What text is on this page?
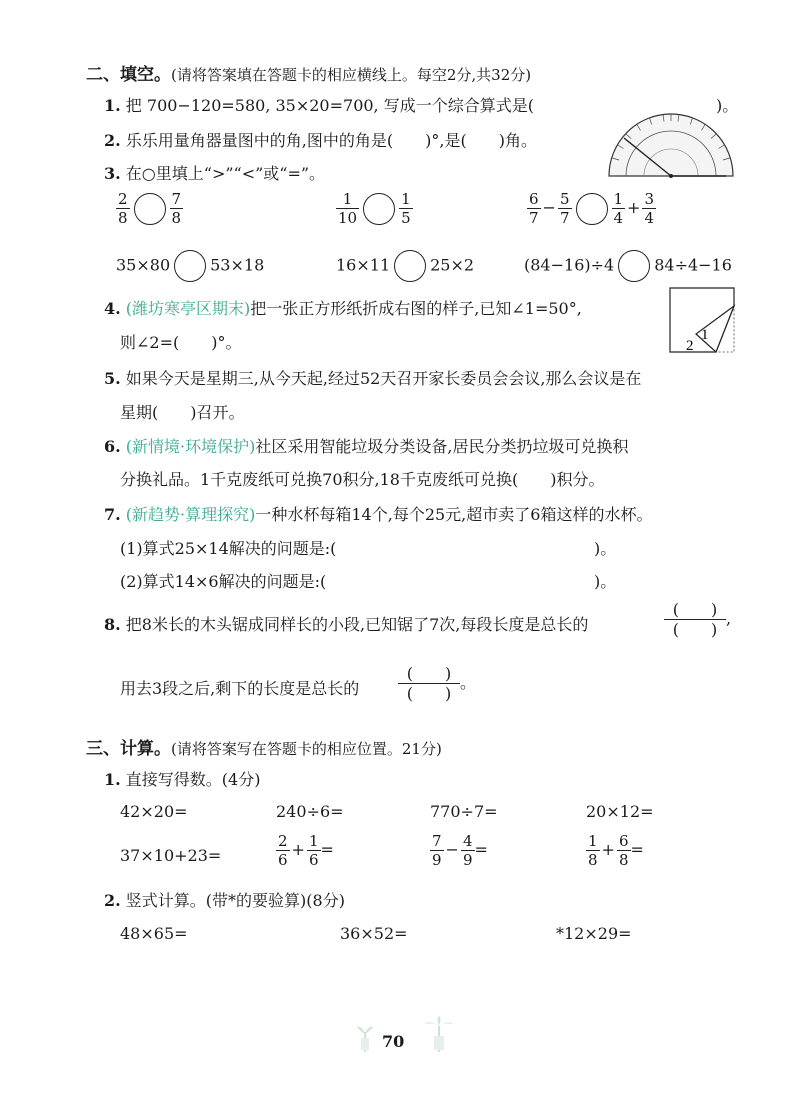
二、填空。(请将答案填在答题卡的相应横线上。每空2分,共32分)
1. 把 700−120=580, 35×20=700, 写成一个综合算式是(	)。
2. 乐乐用量角器量图中的角,图中的角是(　　)°,是(　　)角。
3. 在○里填上“>”“<”或“=”。
$\frac{2}{8}$	$\frac{7}{8}$	$\frac{1}{10}$	$\frac{1}{5}$	$\frac{6}{7} - \frac{5}{7}$	$\frac{1}{4} + \frac{3}{4}$
35×80	53×18	16×11	25×2	(84−16)÷4	84÷4−16
4. (潍坊寒亭区期末)把一张正方形纸折成右图的样子,已知∠1=50°,
则∠2=(　　)°。	1
2
5. 如果今天是星期三,从今天起,经过52天召开家长委员会会议,那么会议是在
星期(　　)召开。
6. (新情境·环境保护)社区采用智能垃圾分类设备,居民分类扔垃圾可兑换积
分换礼品。1千克废纸可兑换70积分,18千克废纸可兑换(　　)积分。
7. (新趋势·算理探究)一种水杯每箱14个,每个25元,超市卖了6箱这样的水杯。
(1)算式25×14解决的问题是:(	)。
(2)算式14×6解决的问题是:(	)。
8. 把8米长的木头锯成同样长的小段,已知锯了7次,每段长度是总长的	$\frac{( )}{( )}$ ,
用去3段之后,剩下的长度是总长的 $\frac{( )}{( )}$ 。
三、计算。(请将答案写在答题卡的相应位置。21分)
1. 直接写得数。(4分)
42×20=	240÷6=	770÷7=	20×12=
37×10+23=	$\frac{2}{6} + \frac{1}{6}$ =	$\frac{7}{9} - \frac{4}{9}$ =	$\frac{1}{8} + \frac{6}{8}$ =
2. 竖式计算。(带*的要验算)(8分)
48×65=	36×52=	*12×29=
70
